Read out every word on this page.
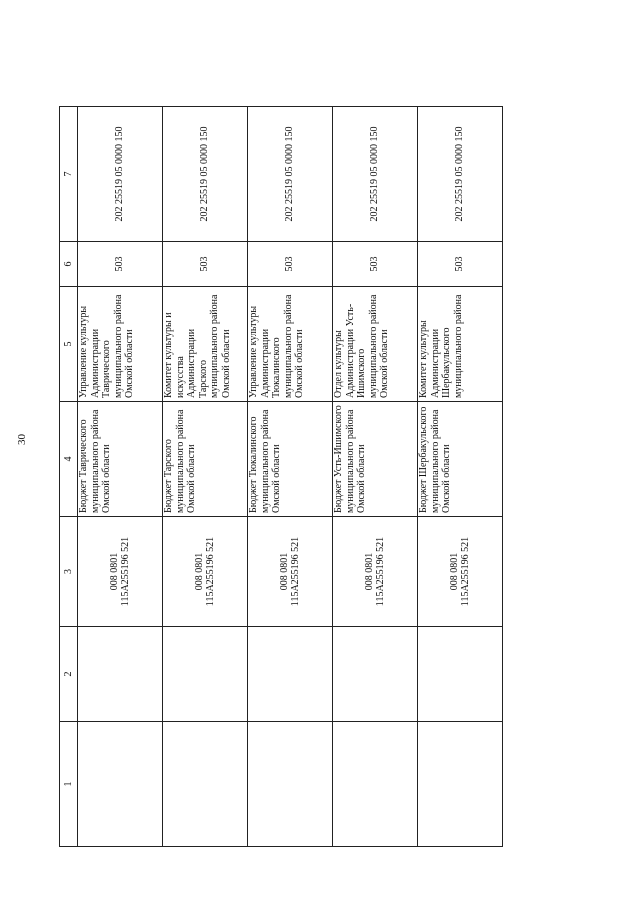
30
1	2	3	4	5	6	7

		008 0801 115A255196 521	Бюджет Таврического муниципального района Омской области	Управление культуры Администрации Таврического муниципального района Омской области	503	202 25519 05 0000 150

		008 0801 115A255196 521	Бюджет Тарского муниципального района Омской области	Комитет культуры и искусства Администрации Тарского муниципального района Омской области	503	202 25519 05 0000 150

		008 0801 115A255196 521	Бюджет Тюкалинского муниципального района Омской области	Управление культуры Администрации Тюкалинского муниципального района Омской области	503	202 25519 05 0000 150

		008 0801 115A255196 521	Бюджет Усть-Ишимского муниципального района Омской области	Отдел культуры Администрации Усть-Ишимского муниципального района Омской области	503	202 25519 05 0000 150

		008 0801 115A255196 521	Бюджет Шербакульского муниципального района Омской области	Комитет культуры Администрации Шербакульского муниципального района	503	202 25519 05 0000 150
